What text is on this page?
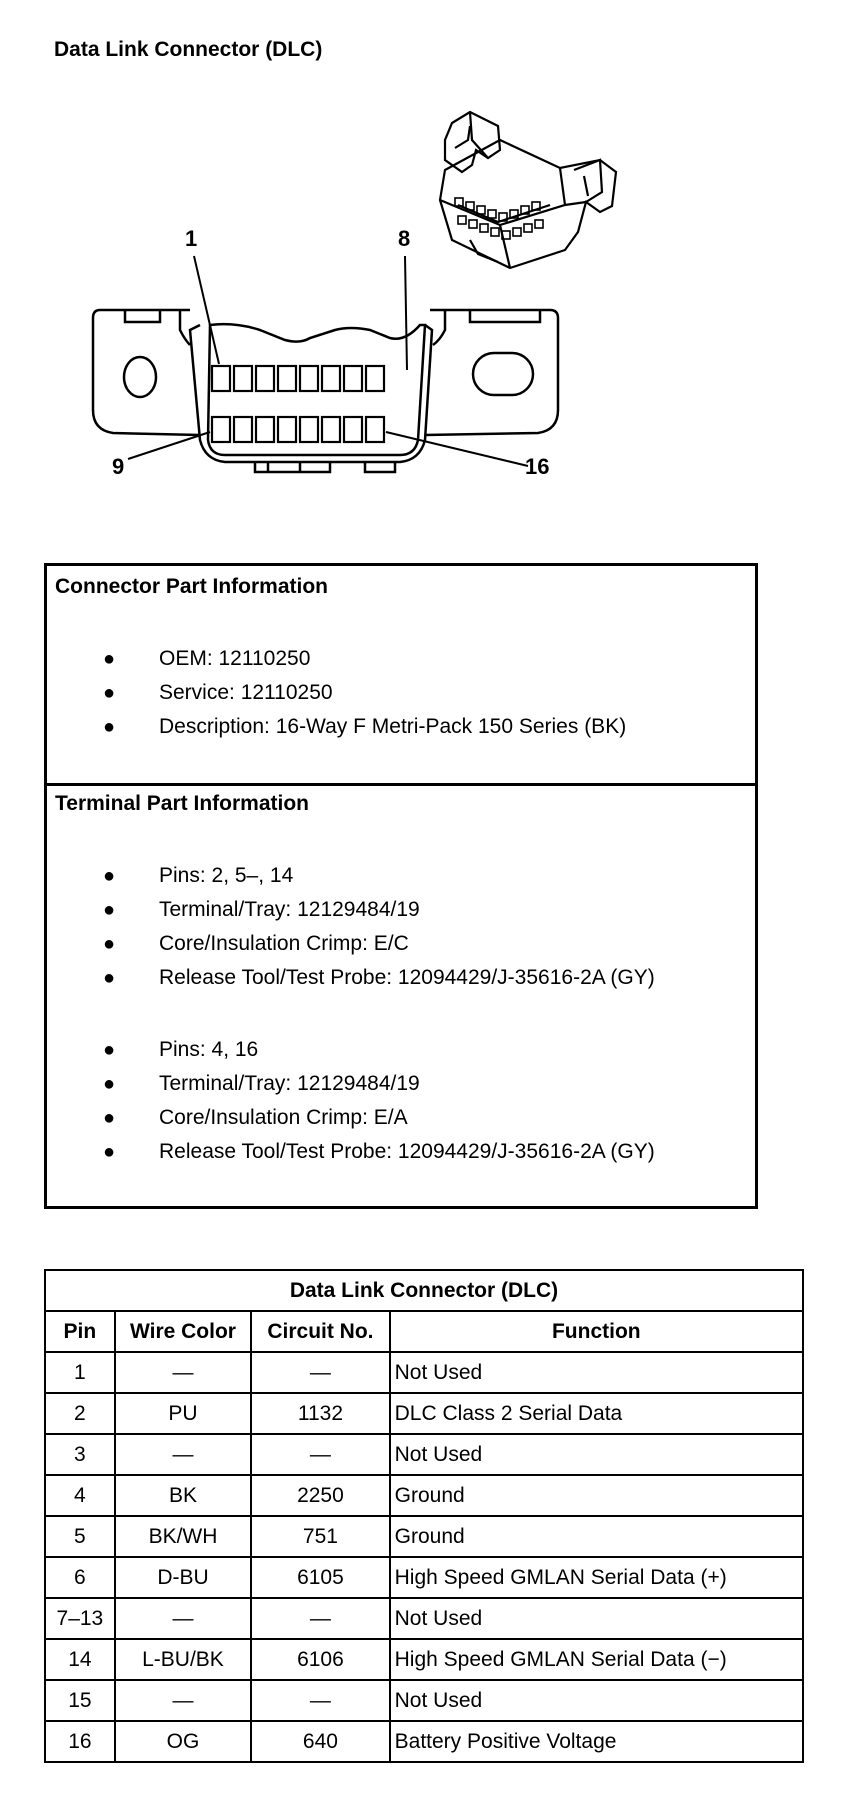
Data Link Connector (DLC)
1	8
9	16
Connector Part Information
● OEM: 12110250
● Service: 12110250
● Description: 16-Way F Metri-Pack 150 Series (BK)
Terminal Part Information
● Pins: 2, 5–, 14
● Terminal/Tray: 12129484/19
● Core/Insulation Crimp: E/C
● Release Tool/Test Probe: 12094429/J-35616-2A (GY)
● Pins: 4, 16
● Terminal/Tray: 12129484/19
● Core/Insulation Crimp: E/A
● Release Tool/Test Probe: 12094429/J-35616-2A (GY)
Data Link Connector (DLC)			
Pin	Wire Color	Circuit No.	Function
1	—	—	Not Used
2	PU	1132	DLC Class 2 Serial Data
3	—	—	Not Used
4	BK	2250	Ground
5	BK/WH	751	Ground
6	D-BU	6105	High Speed GMLAN Serial Data (+)
7–13	—	—	Not Used
14	L-BU/BK	6106	High Speed GMLAN Serial Data (−)
15	—	—	Not Used
16	OG	640	Battery Positive Voltage
